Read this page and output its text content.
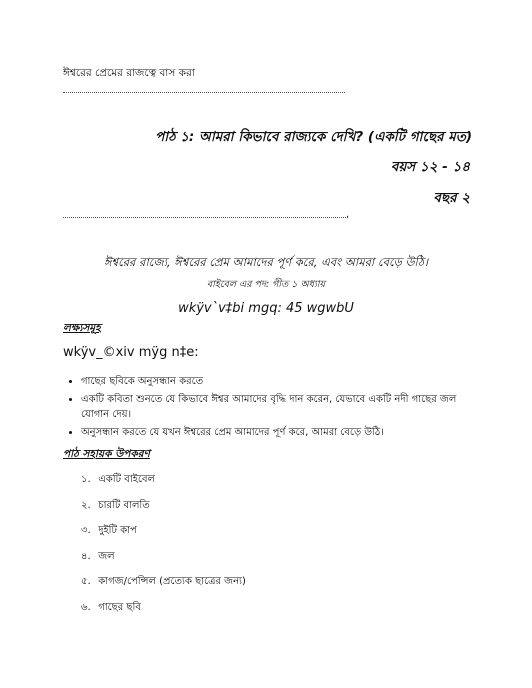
ঈশ্বরের প্রেমের রাজত্বে বাস করা
পাঠ ১: আমরা কিভাবে রাজ্যকে দেখি? (একটি গাছের মত)
বয়স ১২ - ১৪
বছর ২
.
ঈশ্বরের রাজ্যে, ঈশ্বরের প্রেম আমাদের পূর্ণ করে, এবং আমরা বেড়ে উঠি।
বাইবেল এর পদ: গীত ১ অধ্যায়
wkÿv`v‡bi mgq: 45 wgwbU
লক্ষ্যসমূহ
wkÿv_©xiv mÿg n‡e:
• গাছের ছবিকে অনুসন্ধান করতে
• একটি কবিতা শুনতে যে কিভাবে ঈশ্বর আমাদের বৃদ্ধি দান করেন, যেভাবে একটি নদী গাছের জল যোগান দেয়।
• অনুসন্ধান করতে যে যখন ঈশ্বরের প্রেম আমাদের পূর্ণ করে, আমরা বেড়ে উঠি।
পাঠ সহায়ক উপকরণ
১. একটি বাইবেল
২. চারটি বালতি
৩. দুইটি কাপ
৪. জল
৫. কাগজ/পেন্সিল (প্রত্যেক ছাত্রের জন্য)
৬. গাছের ছবি
